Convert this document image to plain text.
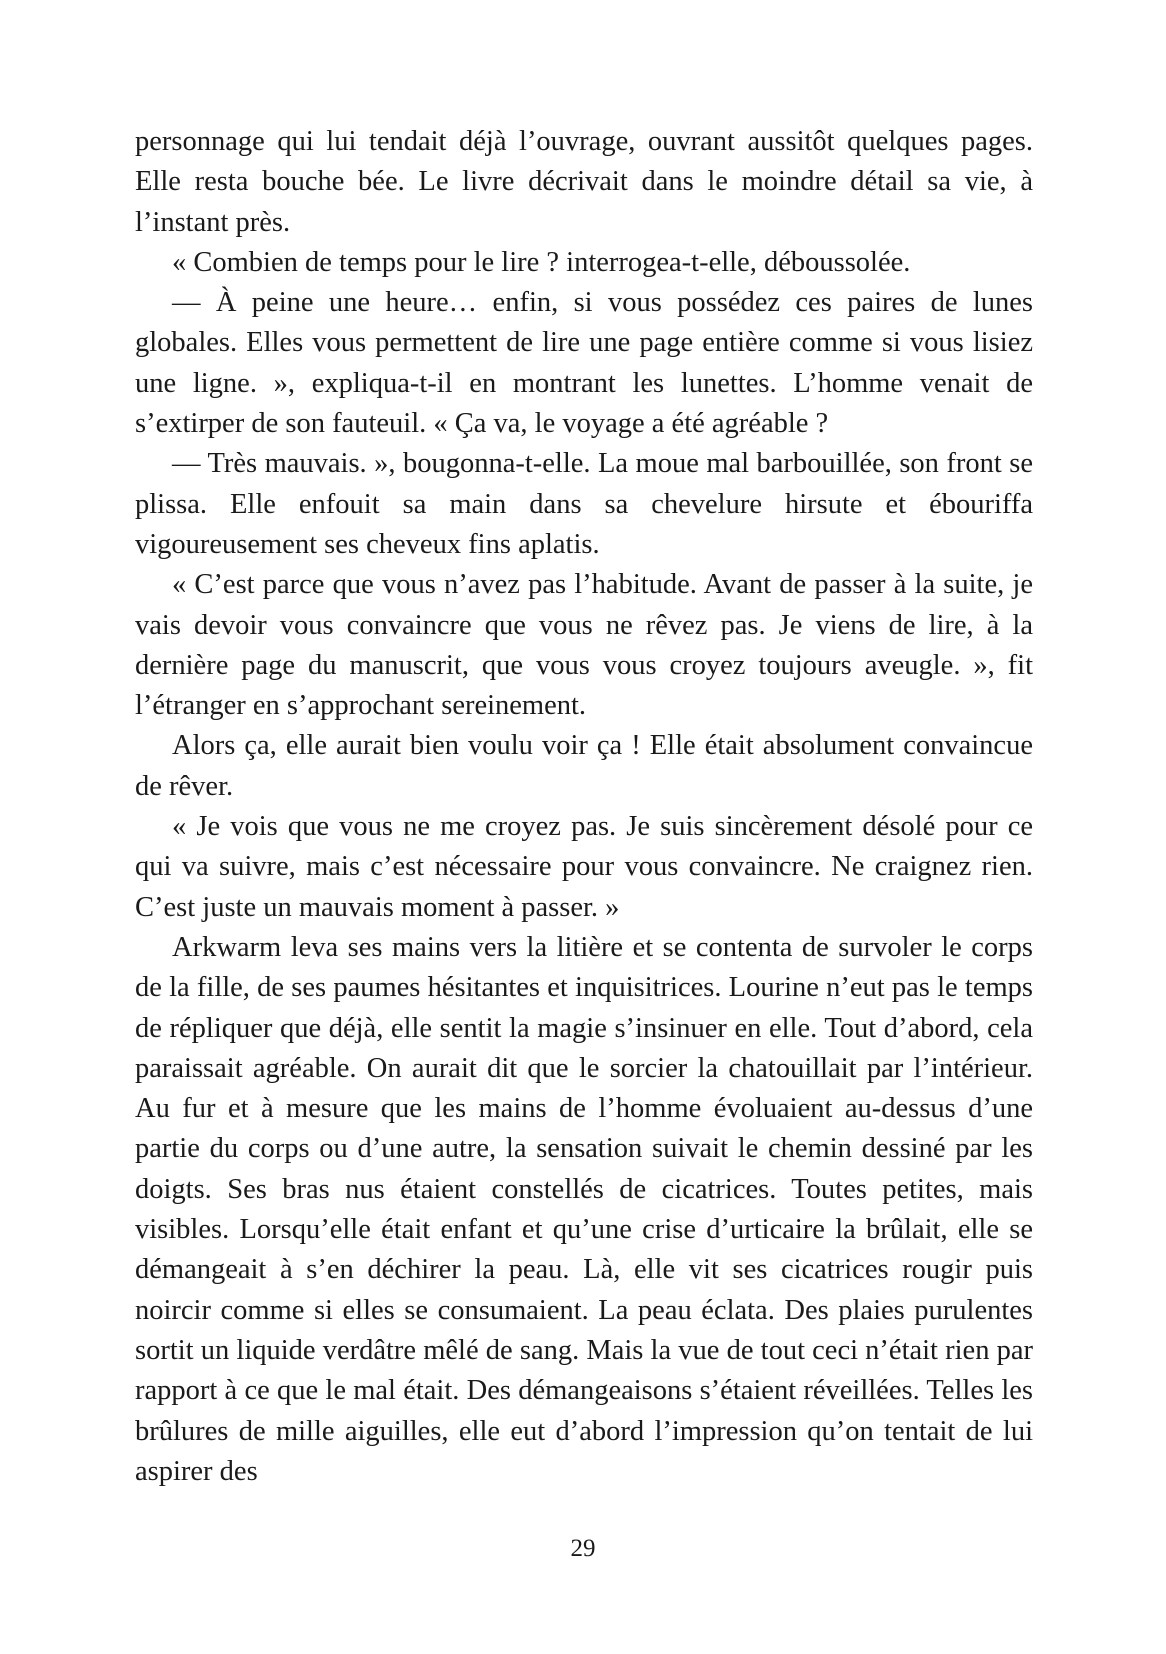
personnage qui lui tendait déjà l’ouvrage, ouvrant aussitôt quelques pages. Elle resta bouche bée. Le livre décrivait dans le moindre détail sa vie, à l’instant près.

« Combien de temps pour le lire ? interrogea-t-elle, déboussolée.

— À peine une heure… enfin, si vous possédez ces paires de lunes globales. Elles vous permettent de lire une page entière comme si vous lisiez une ligne. », expliqua-t-il en montrant les lunettes. L’homme venait de s’extirper de son fauteuil. « Ça va, le voyage a été agréable ?

— Très mauvais. », bougonna-t-elle. La moue mal barbouillée, son front se plissa. Elle enfouit sa main dans sa chevelure hirsute et ébouriffa vigoureusement ses cheveux fins aplatis.

« C’est parce que vous n’avez pas l’habitude. Avant de passer à la suite, je vais devoir vous convaincre que vous ne rêvez pas. Je viens de lire, à la dernière page du manuscrit, que vous vous croyez toujours aveugle. », fit l’étranger en s’approchant sereinement.

Alors ça, elle aurait bien voulu voir ça ! Elle était absolument convaincue de rêver.

« Je vois que vous ne me croyez pas. Je suis sincèrement désolé pour ce qui va suivre, mais c’est nécessaire pour vous convaincre. Ne craignez rien. C’est juste un mauvais moment à passer. »

Arkwarm leva ses mains vers la litière et se contenta de survoler le corps de la fille, de ses paumes hésitantes et inquisitrices. Lourine n’eut pas le temps de répliquer que déjà, elle sentit la magie s’insinuer en elle. Tout d’abord, cela paraissait agréable. On aurait dit que le sorcier la chatouillait par l’intérieur. Au fur et à mesure que les mains de l’homme évoluaient au-dessus d’une partie du corps ou d’une autre, la sensation suivait le chemin dessiné par les doigts. Ses bras nus étaient constellés de cicatrices. Toutes petites, mais visibles. Lorsqu’elle était enfant et qu’une crise d’urticaire la brûlait, elle se démangeait à s’en déchirer la peau. Là, elle vit ses cicatrices rougir puis noircir comme si elles se consumaient. La peau éclata. Des plaies purulentes sortit un liquide verdâtre mêlé de sang. Mais la vue de tout ceci n’était rien par rapport à ce que le mal était. Des démangeaisons s’étaient réveillées. Telles les brûlures de mille aiguilles, elle eut d’abord l’impression qu’on tentait de lui aspirer des

29
